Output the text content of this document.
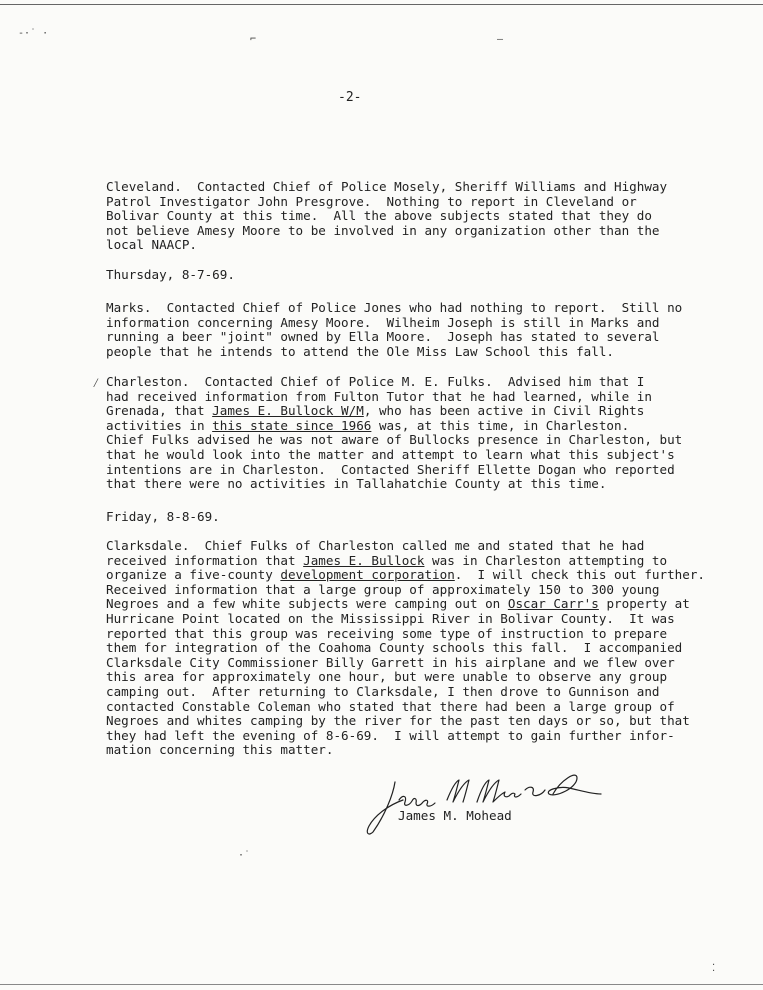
-·˙ ·
⌐	–
·˙
⁚
⁄
-2-
Cleveland.  Contacted Chief of Police Mosely, Sheriff Williams and Highway
Patrol Investigator John Presgrove.  Nothing to report in Cleveland or
Bolivar County at this time.  All the above subjects stated that they do
not believe Amesy Moore to be involved in any organization other than the
local NAACP.
Thursday, 8-7-69.
Marks.  Contacted Chief of Police Jones who had nothing to report.  Still no
information concerning Amesy Moore.  Wilheim Joseph is still in Marks and
running a beer "joint" owned by Ella Moore.  Joseph has stated to several
people that he intends to attend the Ole Miss Law School this fall.
Charleston.  Contacted Chief of Police M. E. Fulks.  Advised him that I
had received information from Fulton Tutor that he had learned, while in
Grenada, that James E. Bullock W/M, who has been active in Civil Rights
activities in this state since 1966 was, at this time, in Charleston.
Chief Fulks advised he was not aware of Bullocks presence in Charleston, but
that he would look into the matter and attempt to learn what this subject's
intentions are in Charleston.  Contacted Sheriff Ellette Dogan who reported
that there were no activities in Tallahatchie County at this time.
Friday, 8-8-69.
Clarksdale.  Chief Fulks of Charleston called me and stated that he had
received information that James E. Bullock was in Charleston attempting to
organize a five-county development corporation.  I will check this out further.
Received information that a large group of approximately 150 to 300 young
Negroes and a few white subjects were camping out on Oscar Carr's property at
Hurricane Point located on the Mississippi River in Bolivar County.  It was
reported that this group was receiving some type of instruction to prepare
them for integration of the Coahoma County schools this fall.  I accompanied
Clarksdale City Commissioner Billy Garrett in his airplane and we flew over
this area for approximately one hour, but were unable to observe any group
camping out.  After returning to Clarksdale, I then drove to Gunnison and
contacted Constable Coleman who stated that there had been a large group of
Negroes and whites camping by the river for the past ten days or so, but that
they had left the evening of 8-6-69.  I will attempt to gain further infor-
mation concerning this matter.
James M. Mohead
